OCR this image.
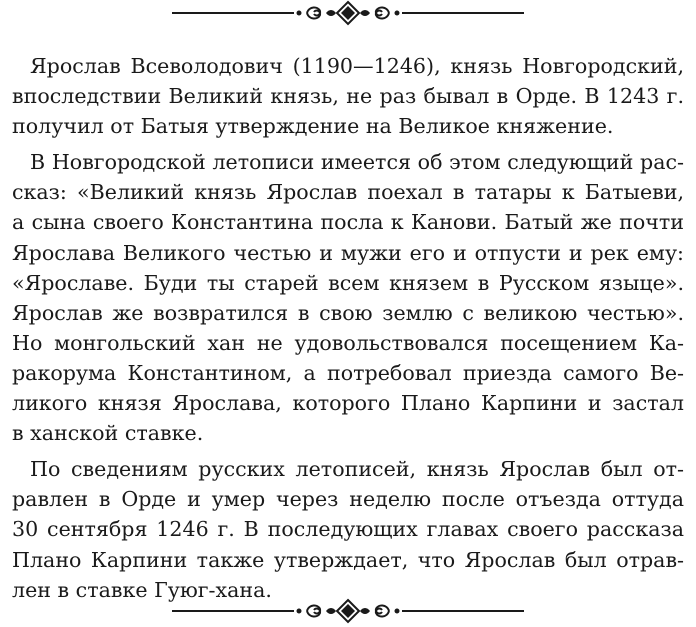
Ярослав Всеволодович (1190—1246), князь Новгородский,
впоследствии Великий князь, не раз бывал в Орде. В 1243 г.
получил от Батыя утверждение на Великое княжение.

В Новгородской летописи имеется об этом следующий рас-
сказ: «Великий князь Ярослав поехал в татары к Батыеви,
а сына своего Константина посла к Канови. Батый же почти
Ярослава Великого честью и мужи его и отпусти и рек ему:
«Ярославе. Буди ты старей всем князем в Русском языце».
Ярослав же возвратился в свою землю с великою честью».
Но монгольский хан не удовольствовался посещением Ка-
ракорума Константином, а потребовал приезда самого Ве-
ликого князя Ярослава, которого Плано Карпини и застал
в ханской ставке.

По сведениям русских летописей, князь Ярослав был от-
равлен в Орде и умер через неделю после отъезда оттуда
30 сентября 1246 г. В последующих главах своего рассказа
Плано Карпини также утверждает, что Ярослав был отрав-
лен в ставке Гуюг-хана.
